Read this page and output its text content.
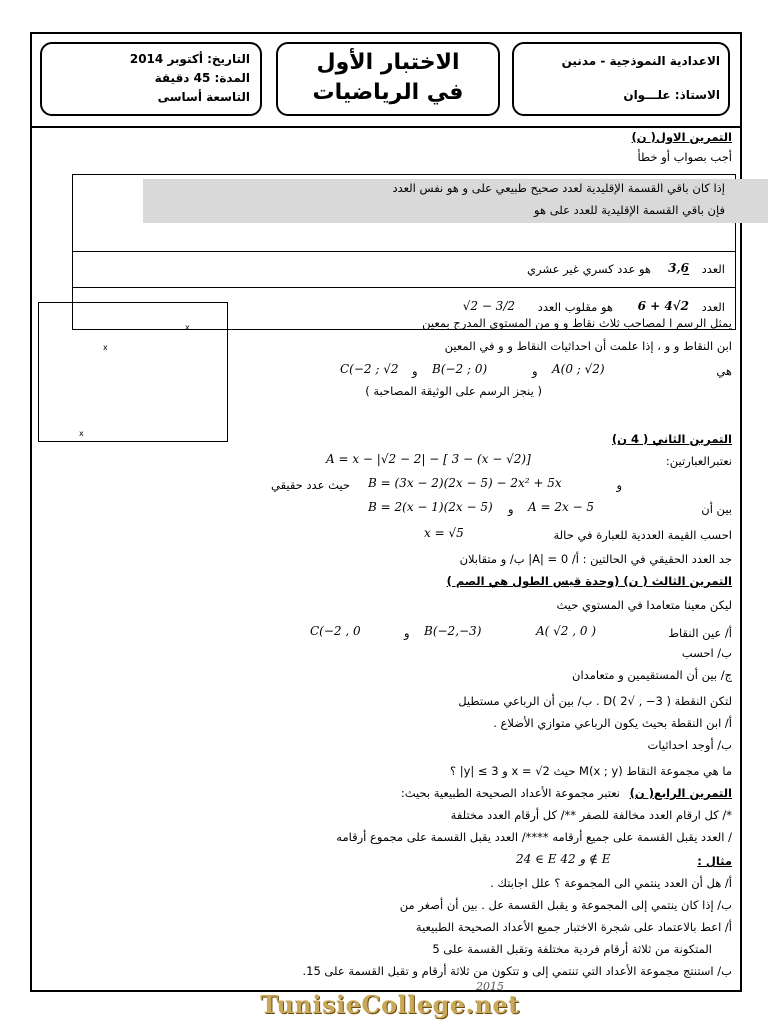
الاعدادية النموذجية - مدنين
الاستاذ: علـــوان
الاختبار الأول
في الرياضيات
التاريخ: أكتوبر 2014
المدة: 45 دقيقة
التاسعة أساسى
التمرين الاول( ن)
أجب بصواب أو خطأ
إذا كان باقي القسمة الإقليدية لعدد صحيح طبيعي على و هو نفس العدد
فإن باقي القسمة الإقليدية للعدد على هو
العدد
3,6̲
هو عدد كسري غير عشري
العدد
6 + 4√2
هو مقلوب العدد
√2 − 3/2
x
x
x
يمثل الرسم ا لمصاحب ثلاث نقاط و و من المستوي المدرج بمعين
ابن النقاط و و ، إذا علمت أن احداثيات النقاط و و في المعين
هي
A(0 ; √2)
و
B(−2 ; 0)
و
C(−2 ; √2
( ينجز الرسم على الوثيقة المصاحبة )
التمرين الثاني ( 4 ن)
نعتبرالعبارتين:
A = x − |√2 − 2| − [ 3 − (x − √2)]
و
B = (3x − 2)(2x − 5) − 2x² + 5x
حيث عدد حقيقي
بين أن
A = 2x − 5
و
B = 2(x − 1)(2x − 5)
احسب القيمة العددية للعبارة في حالة
x = √5
جد العدد الحقيقي في الحالتين : أ/ 0 = |A| ب/ و متقابلان
التمرين الثالث ( ن) (وحدة قيس الطول هي الصم )
ليكن معينا متعامدا في المستوي حيث
أ/ عين النقاط
A( √2 , 0 )
B(−2,−3)
و
C(−2 , 0
ب/ احسب
ج/ بين أن المستقيمين و متعامدان
لتكن النقطة ( 3− , √2 )D . ب/ بين أن الرباعي مستطيل
أ/ ابن النقطة بحيث يكون الرباعي متوازي الأضلاع .
ب/ أوجد احداثيات
ما هي مجموعة النقاط M(x ; y) حيث x = √2 و 3 ≥ |y| ؟
التمرين الرابع( ن)
نعتبر مجموعة الأعداد الصحيحة الطبيعية بحيث:
*/ كل ارقام العدد مخالفة للصفر **/ كل أرقام العدد مختلفة
/ العدد يقبل القسمة على جميع أرقامه ****/ العدد يقبل القسمة على مجموع أرقامه
مثال :
24 ∈ E و 42 ∉ E
أ/ هل أن العدد ينتمي الى المجموعة ؟ علل اجابتك .
ب/ إذا كان ينتمي إلى المجموعة و يقبل القسمة عل . بين أن أصغر من
أ/ اعط بالاعتماد على شجرة الاختبار جميع الأعداد الصحيحة الطبيعية
المتكونة من ثلاثة أرقام فردية مختلفة وتقبل القسمة على 5
ب/ استنتج مجموعة الأعداد التي تنتمي إلى و تتكون من ثلاثة أرقام و تقبل القسمة على 15.
2015
TunisieCollege.net
